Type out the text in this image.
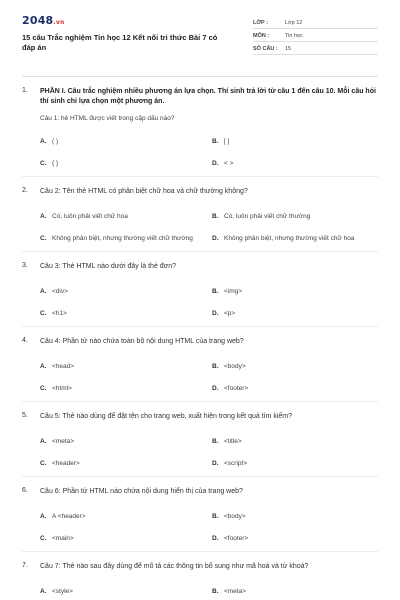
2048.vn
15 câu Trắc nghiệm Tin học 12 Kết nối tri thức Bài 7 có đáp án
LỚP :	Lớp 12
MÔN :	Tin học
SỐ CÂU :	15
1. PHẦN I. Câu trắc nghiệm nhiều phương án lựa chọn. Thí sinh trả lời từ câu 1 đến câu 10. Mỗi câu hỏi thí sinh chỉ lựa chọn một phương án.
Câu 1: hẻ HTML được viết trong cặp dấu nào?
A. ( )	B. [ ]
C. { }	D. < >
2. Câu 2: Tên thẻ HTML có phân biệt chữ hoa và chữ thường không?
A. Có, luôn phải viết chữ hoa	B. Có, luôn phải viết chữ thường
C. Không phân biệt, nhưng thường viết chữ thường	D. Không phân biệt, nhưng thường viết chữ hoa
3. Câu 3: Thẻ HTML nào dưới đây là thẻ đơn?
A. <div>	B. <img>
C. <h1>	D. <p>
4. Câu 4: Phần tử nào chứa toàn bộ nội dung HTML của trang web?
A. <head>	B. <body>
C. <html>	D. <footer>
5. Câu 5: Thẻ nào dùng để đặt tên cho trang web, xuất hiện trong kết quả tìm kiếm?
A. <meta>	B. <title>
C. <header>	D. <script>
6. Câu 6: Phần tử HTML nào chứa nội dung hiển thị của trang web?
A. A <header>	B. <body>
C. <main>	D. <footer>
7. Câu 7: Thẻ nào sau đây dùng để mô tả các thông tin bổ sung như mã hoá và từ khoá?
A. <style>	B. <meta>
